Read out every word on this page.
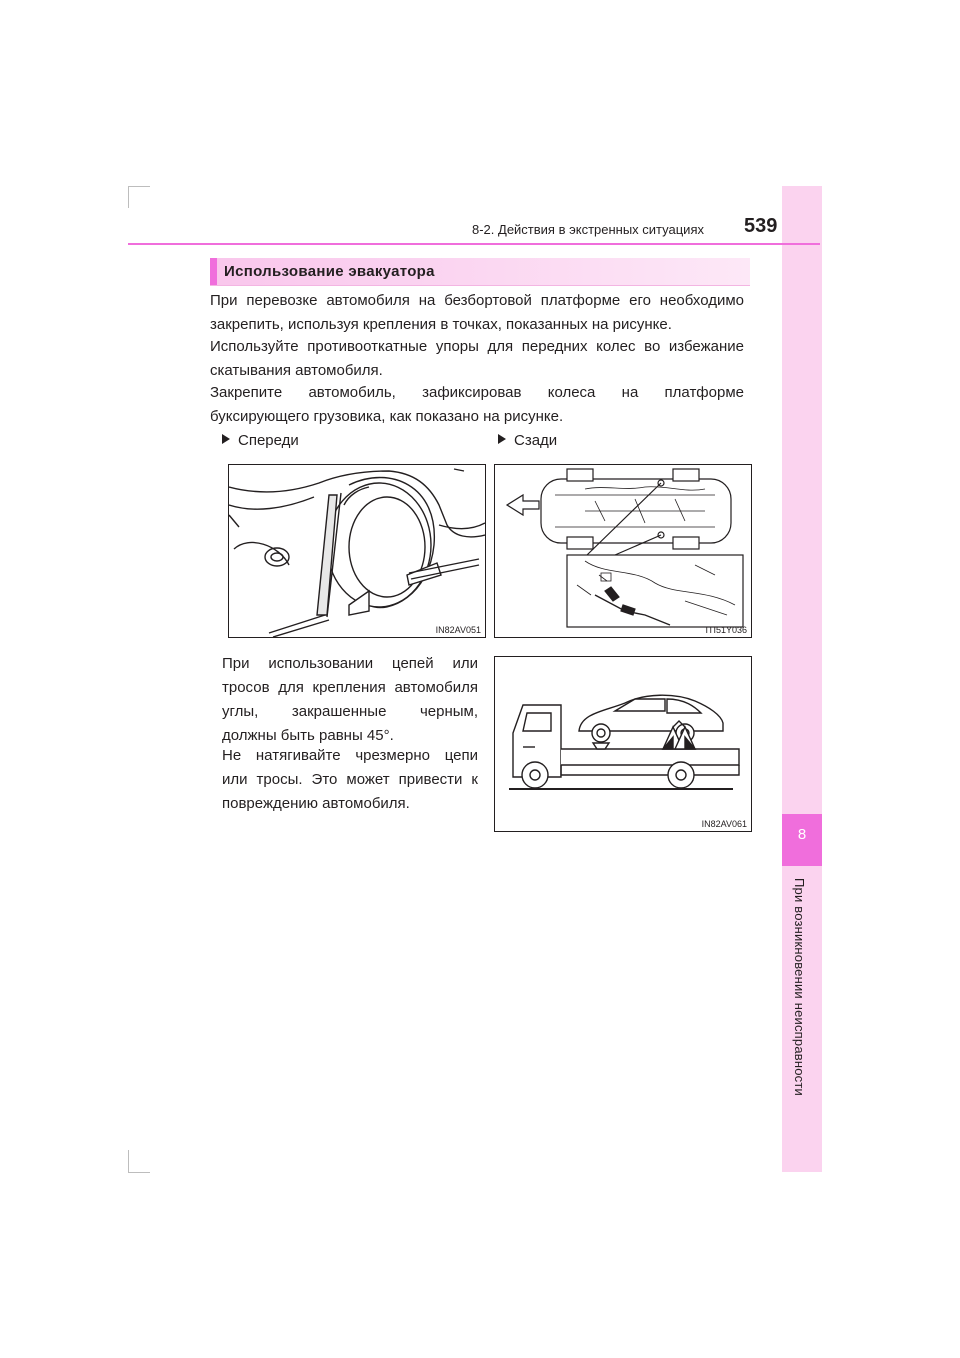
8
При возникновении неисправности
8-2. Действия в экстренных ситуациях 539
Использование эвакуатора
При перевозке автомобиля на безбортовой платформе его необходимо
закрепить, используя крепления в точках, показанных на рисунке.
Используйте противооткатные упоры для передних колес во избежание
скатывания автомобиля.
Закрепите автомобиль, зафиксировав колеса на платформе
буксирующего грузовика, как показано на рисунке.
Спереди	Сзади
IN82AV051	ITI51Y036
При использовании цепей или
тросов для крепления автомобиля
углы, закрашенные черным,
должны быть равны 45°.
Не натягивайте чрезмерно цепи
или тросы. Это может привести к
повреждению автомобиля.
IN82AV061
